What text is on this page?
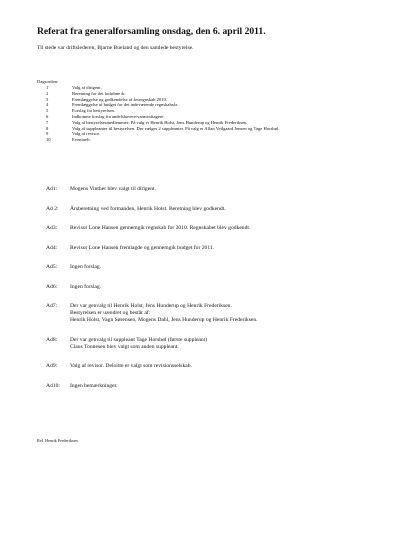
Referat fra generalforsamling onsdag, den 6. april 2011.
Til stede var driftslederen, Bjarne Bueland og den samlede bestyrelse.
Dagsorden:
1	Valg af dirigent.
2	Beretning for det forløbne år.
3	Fremlæggelse og godkendelse af årsregnskab 2010.
4	Fremlæggelse af budget for det indeværende regnskabsår.
5	Forslag fra bestyrelsen.
6	Indkomne forslag fra andelshavere/varmeaftagere.
7	Valg af bestyrelsesmedlemmer: På valg er Henrik Holst, Jens Hunderup og Henrik Frederiksen.
8	Valg af suppleanter til bestyrelsen. Der vælges 2 suppleanter. På valg er Allan Veilgaard Jensen og Tage Horsbøl.
9	Valg af revisor.
10	Eventuelt.
Ad1:	Mogens Vinther blev valgt til dirigent.
Ad 2:	Årsberetning ved formanden, Henrik Holst. Beretning blev godkendt.
Ad3:	Revisor Lone Hansen gennemgik regnskab for 2010. Regnskabet blev godkendt.
Ad4:	Revisor Lone Hansen fremlagde og gennemgik budget for 2011.
Ad5:	Ingen forslag.
Ad6:	Ingen forslag.
Ad7:	Der var genvalg til Henrik Holst, Jens Hunderup og Henrik Frederiksen.
Bestyrelsen er uændret og består af:
Henrik Holst, Vagn Sørensen, Mogens Dahl, Jens Hunderup og Henrik Frederiksen.
Ad8:	Der var genvalg til suppleant Tage Horsbøl (første suppleant)
Claus Tonnesen blev valgt som anden suppleant.
Ad9:	Valg af revisor. Deloitte er valgt som revisionsselskab.
Ad10:	Ingen bemærkninger.
Ref. Henrik Frederiksen
